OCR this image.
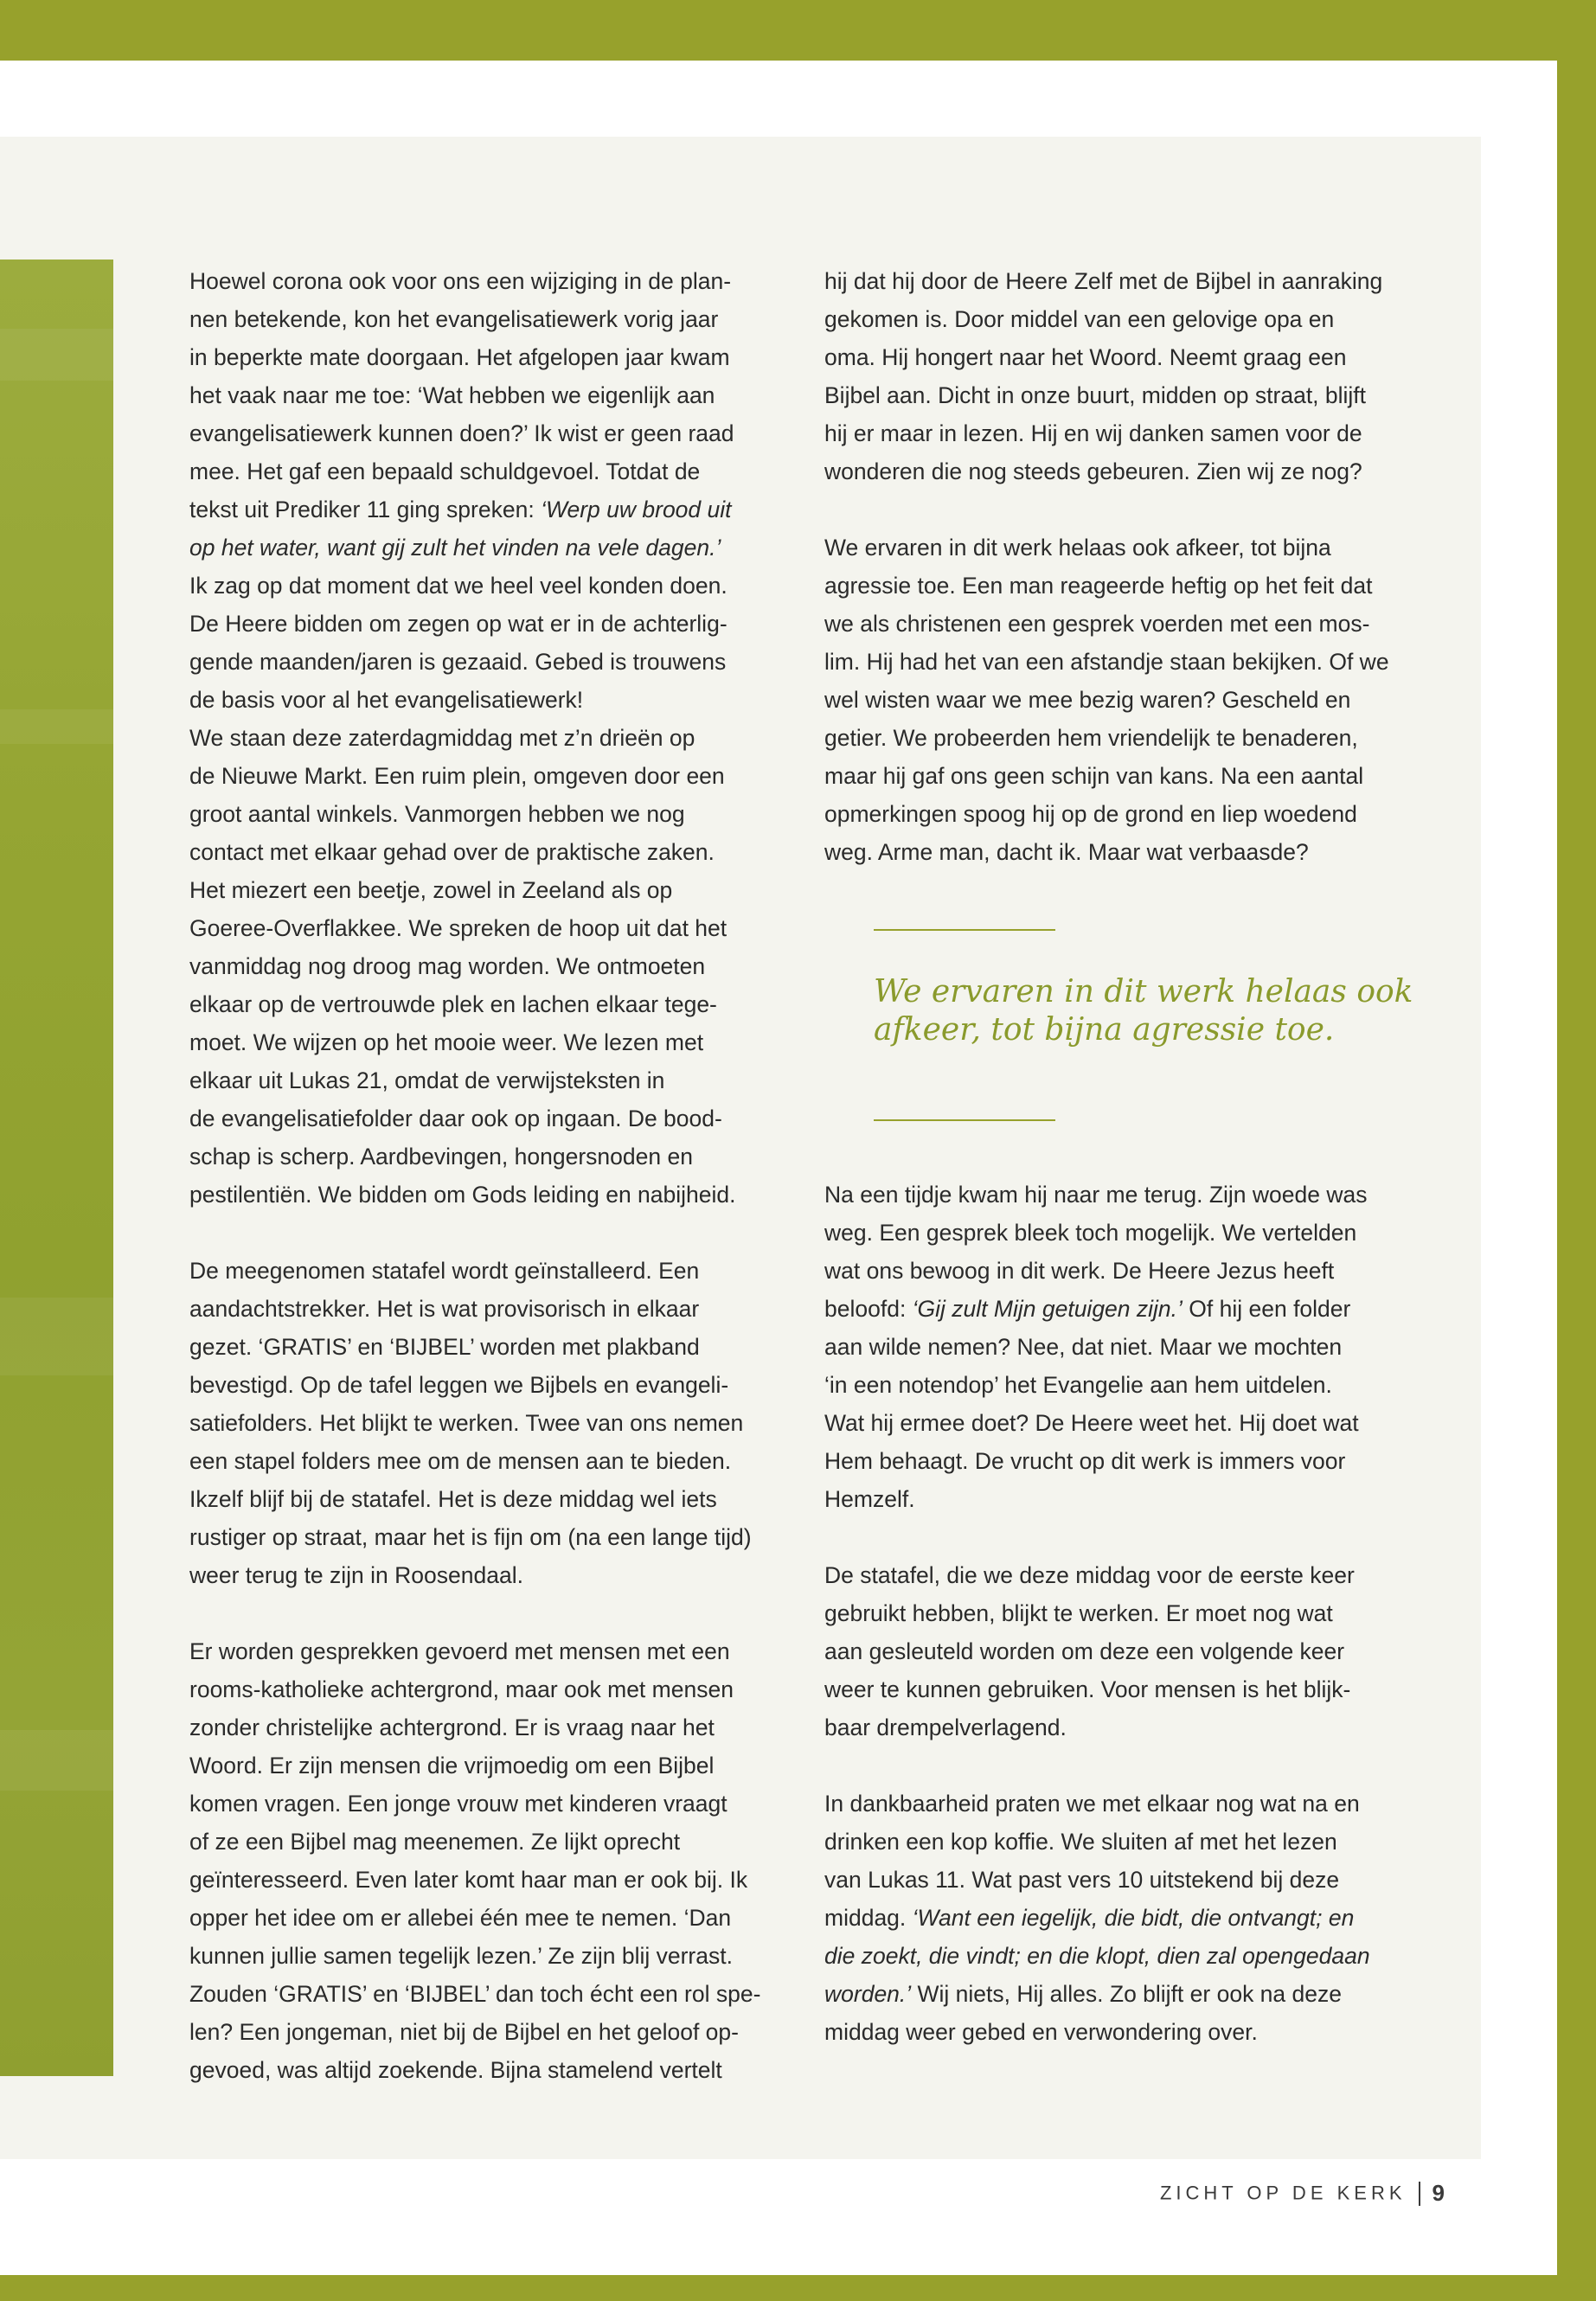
Hoewel corona ook voor ons een wijziging in de plan-
nen betekende, kon het evangelisatiewerk vorig jaar
in beperkte mate doorgaan. Het afgelopen jaar kwam
het vaak naar me toe: ‘Wat hebben we eigenlijk aan
evangelisatiewerk kunnen doen?’ Ik wist er geen raad
mee. Het gaf een bepaald schuldgevoel. Totdat de
tekst uit Prediker 11 ging spreken: ‘Werp uw brood uit
op het water, want gij zult het vinden na vele dagen.’
Ik zag op dat moment dat we heel veel konden doen.
De Heere bidden om zegen op wat er in de achterlig-
gende maanden/jaren is gezaaid. Gebed is trouwens
de basis voor al het evangelisatiewerk!
We staan deze zaterdagmiddag met z’n drieën op
de Nieuwe Markt. Een ruim plein, omgeven door een
groot aantal winkels. Vanmorgen hebben we nog
contact met elkaar gehad over de praktische zaken.
Het miezert een beetje, zowel in Zeeland als op
Goeree-Overflakkee. We spreken de hoop uit dat het
vanmiddag nog droog mag worden. We ontmoeten
elkaar op de vertrouwde plek en lachen elkaar tege-
moet. We wijzen op het mooie weer. We lezen met
elkaar uit Lukas 21, omdat de verwijsteksten in
de evangelisatiefolder daar ook op ingaan. De bood-
schap is scherp. Aardbevingen, hongersnoden en
pestilentiën. We bidden om Gods leiding en nabijheid.
De meegenomen statafel wordt geïnstalleerd. Een
aandachtstrekker. Het is wat provisorisch in elkaar
gezet. ‘GRATIS’ en ‘BIJBEL’ worden met plakband
bevestigd. Op de tafel leggen we Bijbels en evangeli-
satiefolders. Het blijkt te werken. Twee van ons nemen
een stapel folders mee om de mensen aan te bieden.
Ikzelf blijf bij de statafel. Het is deze middag wel iets
rustiger op straat, maar het is fijn om (na een lange tijd)
weer terug te zijn in Roosendaal.
Er worden gesprekken gevoerd met mensen met een
rooms-katholieke achtergrond, maar ook met mensen
zonder christelijke achtergrond. Er is vraag naar het
Woord. Er zijn mensen die vrijmoedig om een Bijbel
komen vragen. Een jonge vrouw met kinderen vraagt
of ze een Bijbel mag meenemen. Ze lijkt oprecht
geïnteresseerd. Even later komt haar man er ook bij. Ik
opper het idee om er allebei één mee te nemen. ‘Dan
kunnen jullie samen tegelijk lezen.’ Ze zijn blij verrast.
Zouden ‘GRATIS’ en ‘BIJBEL’ dan toch écht een rol spe-
len? Een jongeman, niet bij de Bijbel en het geloof op-
gevoed, was altijd zoekende. Bijna stamelend vertelt
hij dat hij door de Heere Zelf met de Bijbel in aanraking
gekomen is. Door middel van een gelovige opa en
oma. Hij hongert naar het Woord. Neemt graag een
Bijbel aan. Dicht in onze buurt, midden op straat, blijft
hij er maar in lezen. Hij en wij danken samen voor de
wonderen die nog steeds gebeuren. Zien wij ze nog?
We ervaren in dit werk helaas ook afkeer, tot bijna
agressie toe. Een man reageerde heftig op het feit dat
we als christenen een gesprek voerden met een mos-
lim. Hij had het van een afstandje staan bekijken. Of we
wel wisten waar we mee bezig waren? Gescheld en
getier. We probeerden hem vriendelijk te benaderen,
maar hij gaf ons geen schijn van kans. Na een aantal
opmerkingen spoog hij op de grond en liep woedend
weg. Arme man, dacht ik. Maar wat verbaasde?
Na een tijdje kwam hij naar me terug. Zijn woede was
weg. Een gesprek bleek toch mogelijk. We vertelden
wat ons bewoog in dit werk. De Heere Jezus heeft
beloofd: ‘Gij zult Mijn getuigen zijn.’ Of hij een folder
aan wilde nemen? Nee, dat niet. Maar we mochten
‘in een notendop’ het Evangelie aan hem uitdelen.
Wat hij ermee doet? De Heere weet het. Hij doet wat
Hem behaagt. De vrucht op dit werk is immers voor
Hemzelf.
De statafel, die we deze middag voor de eerste keer
gebruikt hebben, blijkt te werken. Er moet nog wat
aan gesleuteld worden om deze een volgende keer
weer te kunnen gebruiken. Voor mensen is het blijk-
baar drempelverlagend.
In dankbaarheid praten we met elkaar nog wat na en
drinken een kop koffie. We sluiten af met het lezen
van Lukas 11. Wat past vers 10 uitstekend bij deze
middag. ‘Want een iegelijk, die bidt, die ontvangt; en
die zoekt, die vindt; en die klopt, dien zal opengedaan
worden.’ Wij niets, Hij alles. Zo blijft er ook na deze
middag weer gebed en verwondering over.
We ervaren in dit werk helaas ook
afkeer, tot bijna agressie toe.
ZICHT OP DE KERK 9
